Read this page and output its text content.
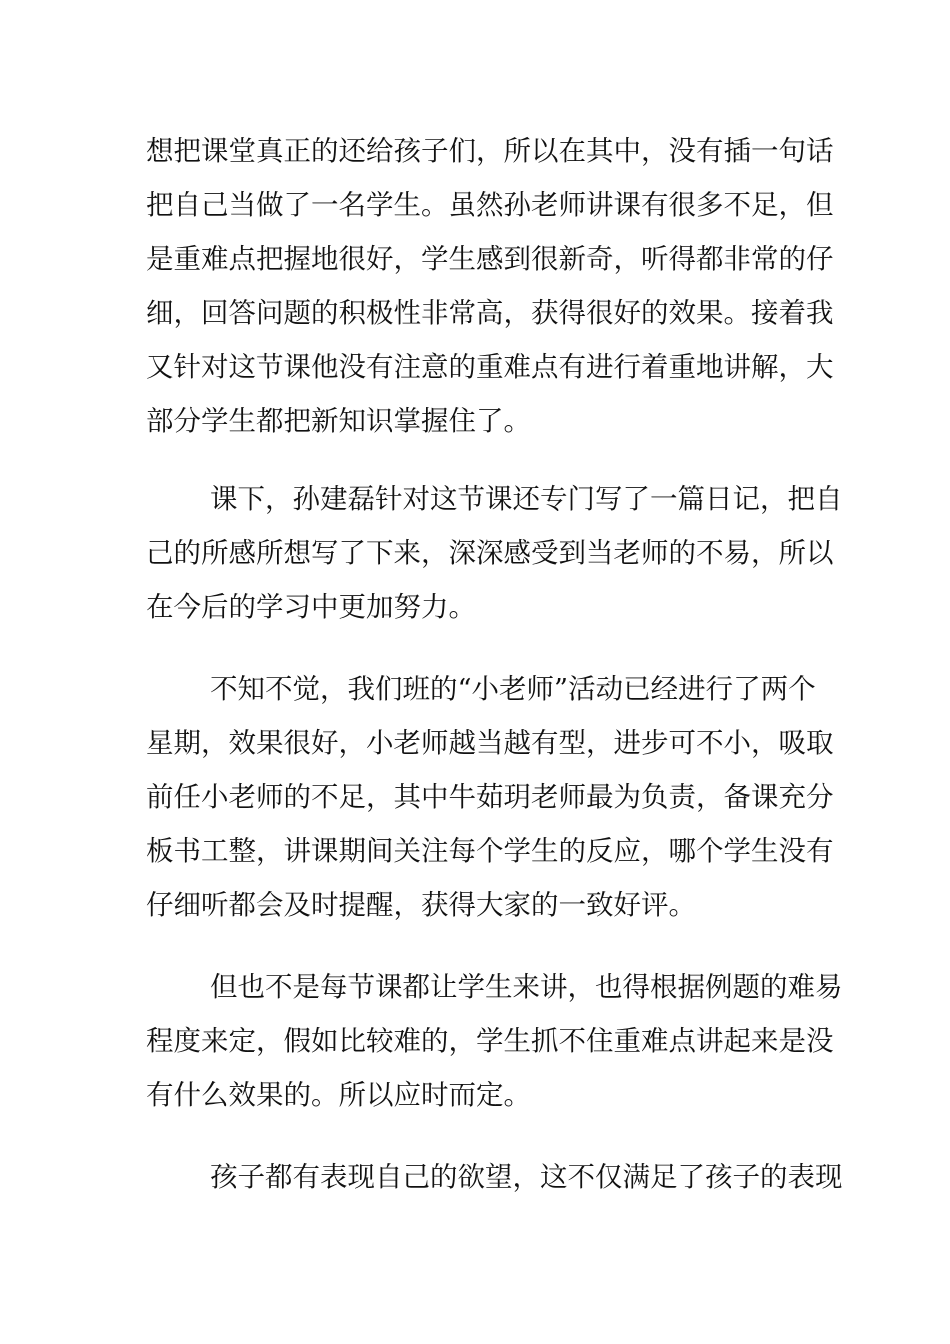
想把课堂真正的还给孩子们，所以在其中，没有插一句话
把自己当做了一名学生。虽然孙老师讲课有很多不足，但
是重难点把握地很好，学生感到很新奇，听得都非常的仔
细，回答问题的积极性非常高，获得很好的效果。接着我
又针对这节课他没有注意的重难点有进行着重地讲解，大
部分学生都把新知识掌握住了。
课下，孙建磊针对这节课还专门写了一篇日记，把自
己的所感所想写了下来，深深感受到当老师的不易，所以
在今后的学习中更加努力。
不知不觉，我们班的“小老师”活动已经进行了两个
星期，效果很好，小老师越当越有型，进步可不小，吸取
前任小老师的不足，其中牛茹玥老师最为负责，备课充分
板书工整，讲课期间关注每个学生的反应，哪个学生没有
仔细听都会及时提醒，获得大家的一致好评。
但也不是每节课都让学生来讲，也得根据例题的难易
程度来定，假如比较难的，学生抓不住重难点讲起来是没
有什么效果的。所以应时而定。
孩子都有表现自己的欲望，这不仅满足了孩子的表现
